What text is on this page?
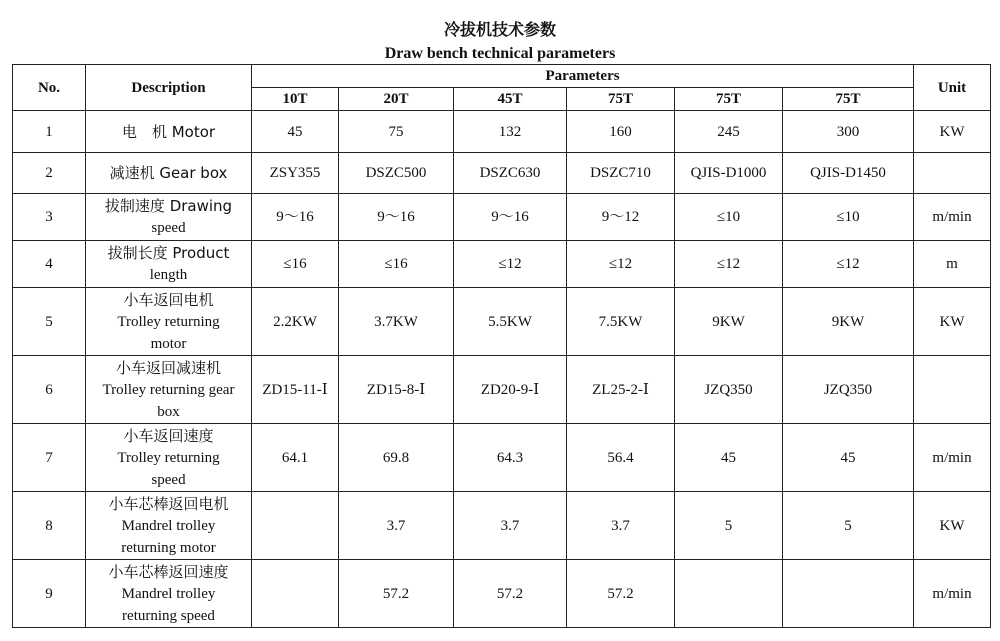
冷拔机技术参数
Draw bench technical parameters
No.	Description	Parameters						Unit
		10T	20T	45T	75T	75T	75T	
1	电　机 Motor	45	75	132	160	245	300	KW
2	减速机 Gear box	ZSY355	DSZC500	DSZC630	DSZC710	QJIS-D1000	QJIS-D1450	
3	拔制速度 Drawing
speed	9～16	9～16	9～16	9～12	≤10	≤10	m/min
4	拔制长度 Product
length	≤16	≤16	≤12	≤12	≤12	≤12	m
5	小车返回电机
Trolley returning
motor	2.2KW	3.7KW	5.5KW	7.5KW	9KW	9KW	KW
6	小车返回减速机
Trolley returning gear
box	ZD15-11-Ⅰ	ZD15-8-Ⅰ	ZD20-9-Ⅰ	ZL25-2-Ⅰ	JZQ350	JZQ350	
7	小车返回速度
Trolley returning
speed	64.1	69.8	64.3	56.4	45	45	m/min
8	小车芯棒返回电机
Mandrel trolley
returning motor		3.7	3.7	3.7	5	5	KW
9	小车芯棒返回速度
Mandrel trolley
returning speed		57.2	57.2	57.2			m/min
